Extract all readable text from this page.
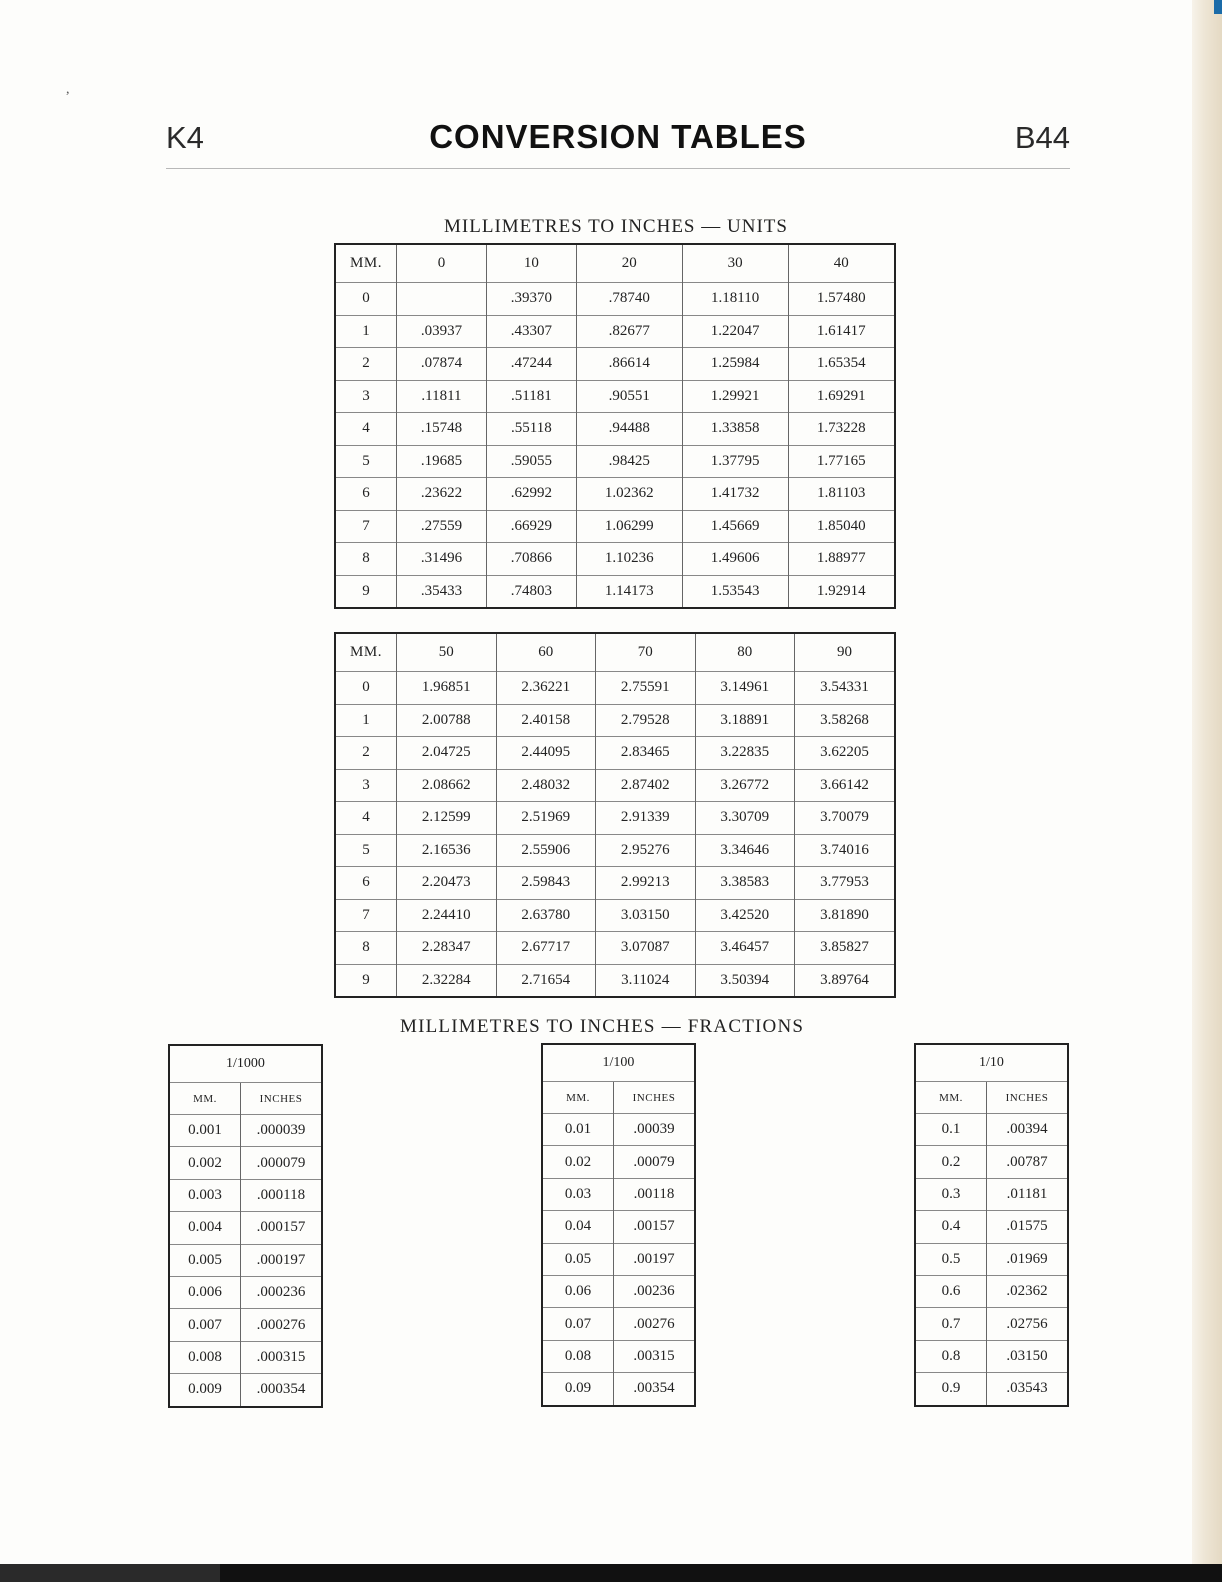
,
K4	CONVERSION TABLES	B44
MILLIMETRES TO INCHES — UNITS
MM.	0	10	20	30	40
0		.39370	.78740	1.18110	1.57480
1	.03937	.43307	.82677	1.22047	1.61417
2	.07874	.47244	.86614	1.25984	1.65354
3	.11811	.51181	.90551	1.29921	1.69291
4	.15748	.55118	.94488	1.33858	1.73228
5	.19685	.59055	.98425	1.37795	1.77165
6	.23622	.62992	1.02362	1.41732	1.81103
7	.27559	.66929	1.06299	1.45669	1.85040
8	.31496	.70866	1.10236	1.49606	1.88977
9	.35433	.74803	1.14173	1.53543	1.92914
MM.	50	60	70	80	90
0	1.96851	2.36221	2.75591	3.14961	3.54331
1	2.00788	2.40158	2.79528	3.18891	3.58268
2	2.04725	2.44095	2.83465	3.22835	3.62205
3	2.08662	2.48032	2.87402	3.26772	3.66142
4	2.12599	2.51969	2.91339	3.30709	3.70079
5	2.16536	2.55906	2.95276	3.34646	3.74016
6	2.20473	2.59843	2.99213	3.38583	3.77953
7	2.24410	2.63780	3.03150	3.42520	3.81890
8	2.28347	2.67717	3.07087	3.46457	3.85827
9	2.32284	2.71654	3.11024	3.50394	3.89764
MILLIMETRES TO INCHES — FRACTIONS
1/1000	
MM.	INCHES
0.001	.000039
0.002	.000079
0.003	.000118
0.004	.000157
0.005	.000197
0.006	.000236
0.007	.000276
0.008	.000315
0.009	.000354
1/100	
MM.	INCHES
0.01	.00039
0.02	.00079
0.03	.00118
0.04	.00157
0.05	.00197
0.06	.00236
0.07	.00276
0.08	.00315
0.09	.00354
1/10	
MM.	INCHES
0.1	.00394
0.2	.00787
0.3	.01181
0.4	.01575
0.5	.01969
0.6	.02362
0.7	.02756
0.8	.03150
0.9	.03543
